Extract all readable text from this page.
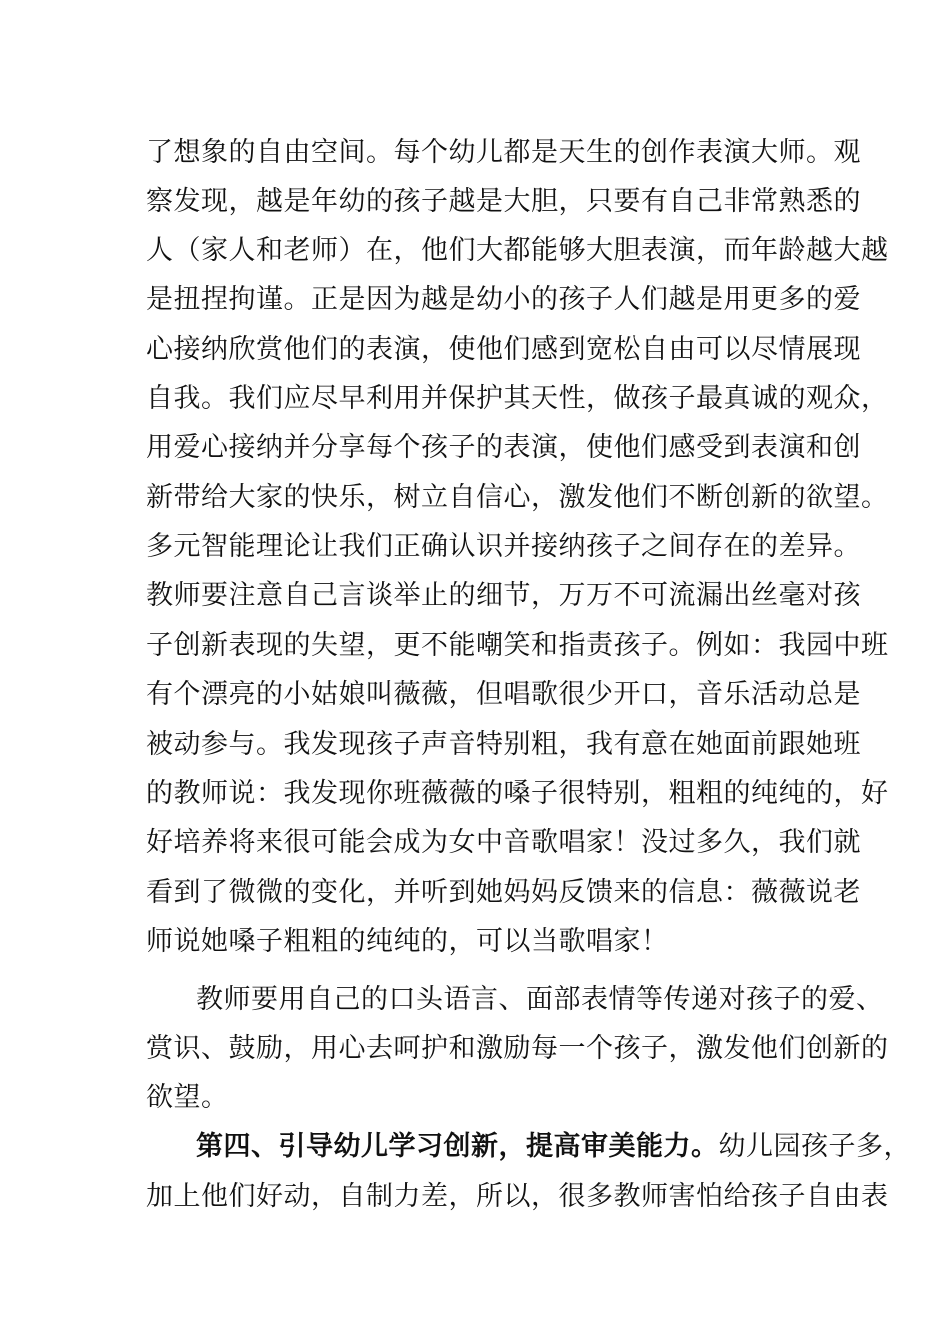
了想象的自由空间。每个幼儿都是天生的创作表演大师。观
察发现，越是年幼的孩子越是大胆，只要有自己非常熟悉的
人（家人和老师）在，他们大都能够大胆表演，而年龄越大越
是扭捏拘谨。正是因为越是幼小的孩子人们越是用更多的爱
心接纳欣赏他们的表演，使他们感到宽松自由可以尽情展现
自我。我们应尽早利用并保护其天性，做孩子最真诚的观众，
用爱心接纳并分享每个孩子的表演，使他们感受到表演和创
新带给大家的快乐，树立自信心，激发他们不断创新的欲望。
多元智能理论让我们正确认识并接纳孩子之间存在的差异。
教师要注意自己言谈举止的细节，万万不可流漏出丝毫对孩
子创新表现的失望，更不能嘲笑和指责孩子。例如：我园中班
有个漂亮的小姑娘叫薇薇，但唱歌很少开口，音乐活动总是
被动参与。我发现孩子声音特别粗，我有意在她面前跟她班
的教师说：我发现你班薇薇的嗓子很特别，粗粗的纯纯的，好
好培养将来很可能会成为女中音歌唱家！没过多久，我们就
看到了微微的变化，并听到她妈妈反馈来的信息：薇薇说老
师说她嗓子粗粗的纯纯的，可以当歌唱家！
教师要用自己的口头语言、面部表情等传递对孩子的爱、
赏识、鼓励，用心去呵护和激励每一个孩子，激发他们创新的
欲望。
第四、引导幼儿学习创新，提高审美能力。幼儿园孩子多，
加上他们好动，自制力差，所以，很多教师害怕给孩子自由表
